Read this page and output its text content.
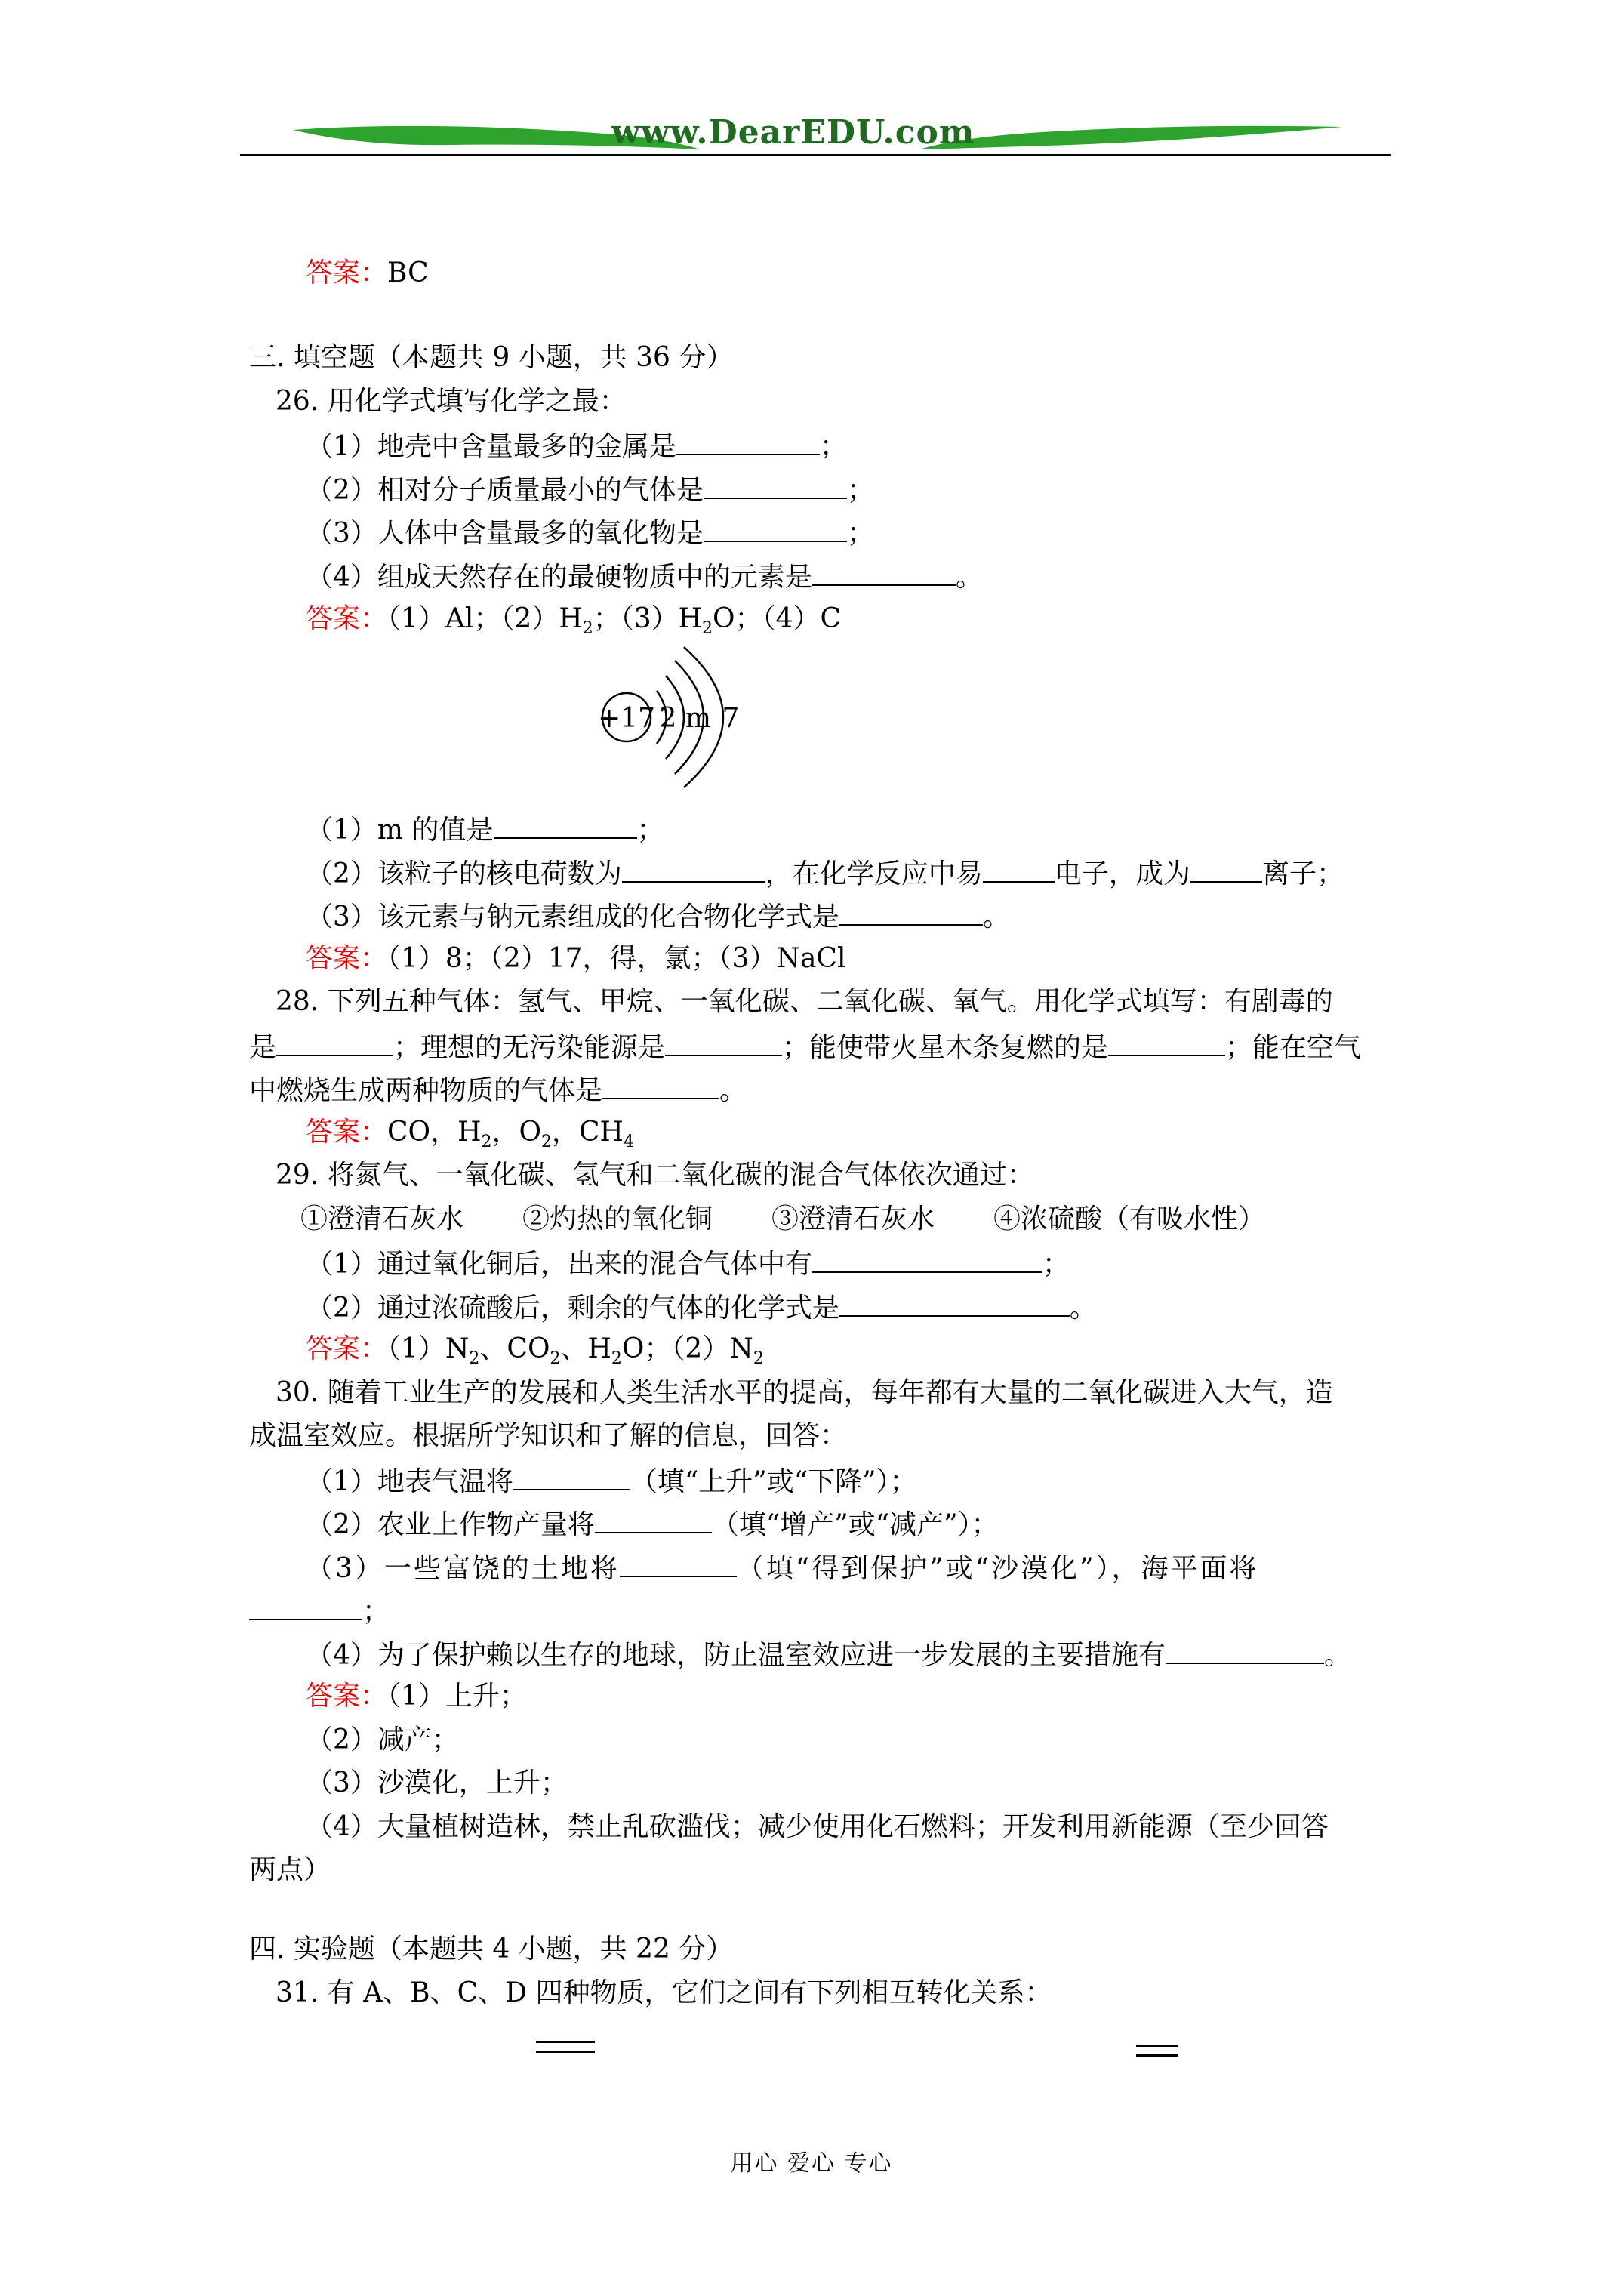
www.DearEDU.com
答案：BC
三. 填空题（本题共 9 小题，共 36 分）
26. 用化学式填写化学之最：
（1）地壳中含量最多的金属是	；
（2）相对分子质量最小的气体是	；
（3）人体中含量最多的氧化物是	；
（4）组成天然存在的最硬物质中的元素是	。
答案：（1）Al；$(2)H_2$；$(3)H_2O$；（4）C
+17 2 m 7
（1）m 的值是	；
（2）该粒子的核电荷数为	，在化学反应中易	电子，成为	离子；
（3）该元素与钠元素组成的化合物化学式是	。
答案：（1）8；（2）17，得，氯；（3）NaCl
28. 下列五种气体：氢气、甲烷、一氧化碳、二氧化碳、氧气。用化学式填写：有剧毒的
是	；理想的无污染能源是	；能使带火星木条复燃的是	；能在空气
中燃烧生成两种物质的气体是	。
答案：CO，$H_2$，$O_2$，$CH_4$
29. 将氮气、一氧化碳、氢气和二氧化碳的混合气体依次通过：
①澄清石灰水 ②灼热的氧化铜 ③澄清石灰水 ④浓硫酸（有吸水性）
（1）通过氧化铜后，出来的混合气体中有	；
（2）通过浓硫酸后，剩余的气体的化学式是	。
答案：$(1)N_2$、$CO_2$、$H_2O$；$(2)N_2$
30. 随着工业生产的发展和人类生活水平的提高，每年都有大量的二氧化碳进入大气，造
成温室效应。根据所学知识和了解的信息，回答：
（1）地表气温将	（填“上升”或“下降”）；
（2）农业上作物产量将	（填“增产”或“减产”）；
（3）一些富饶的土地将	（填“得到保护”或“沙漠化”），海平面将
；
（4）为了保护赖以生存的地球，防止温室效应进一步发展的主要措施有	。
答案：（1）上升；
（2）减产；
（3）沙漠化，上升；
（4）大量植树造林，禁止乱砍滥伐；减少使用化石燃料；开发利用新能源（至少回答
两点）
四. 实验题（本题共 4 小题，共 22 分）
31. 有 A、B、C、D 四种物质，它们之间有下列相互转化关系：
用心 爱心 专心
